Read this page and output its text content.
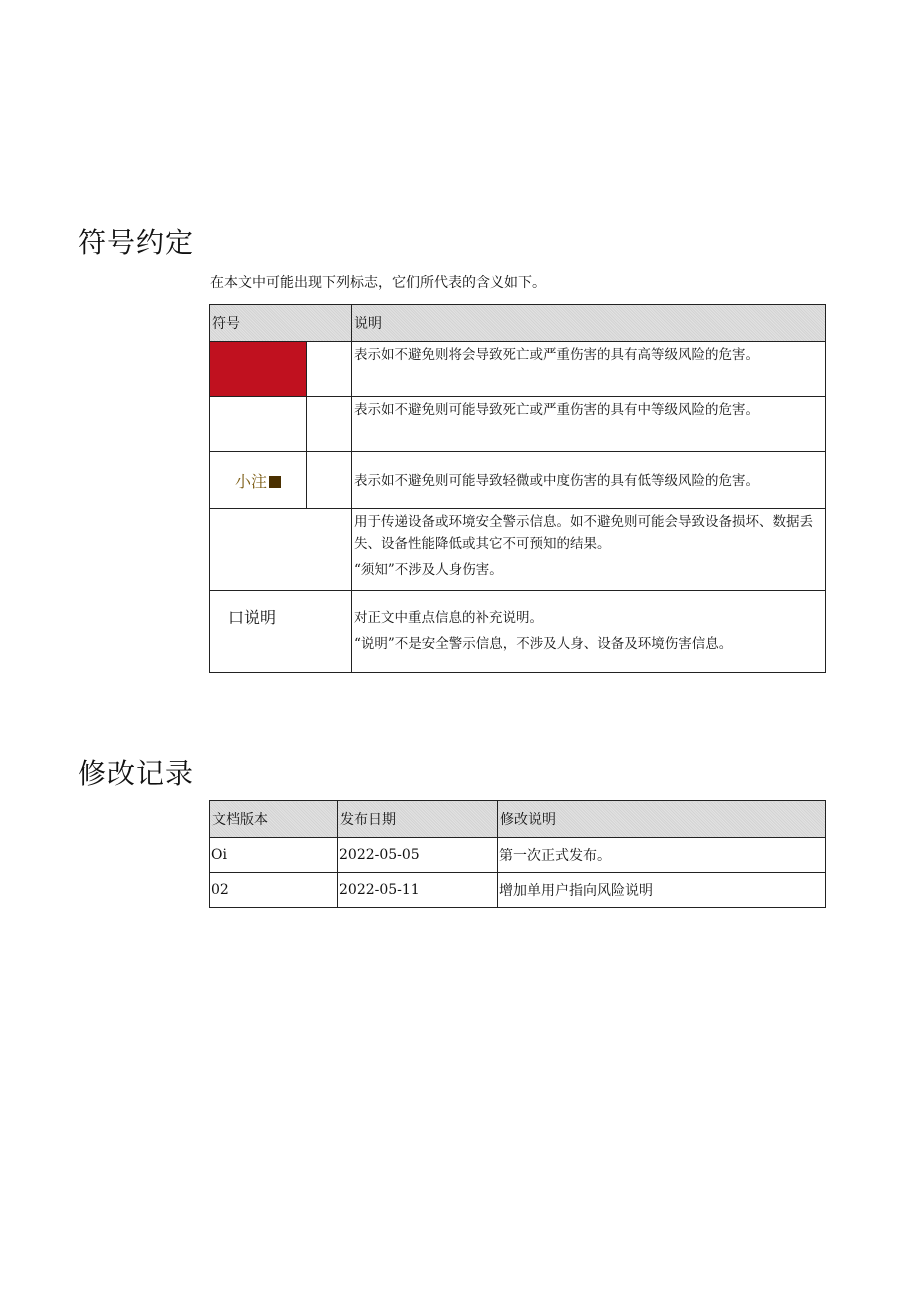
符号约定
在本文中可能出现下列标志，它们所代表的含义如下。
符号		说明

		表示如不避免则将会导致死亡或严重伤害的具有高等级风险的危害。

		表示如不避免则可能导致死亡或严重伤害的具有中等级风险的危害。

小注		表示如不避免则可能导致轻微或中度伤害的具有低等级风险的危害。

		用于传递设备或环境安全警示信息。如不避免则可能会导致设备损坏、数据丢失、设备性能降低或其它不可预知的结果。
“须知”不涉及人身伤害。

口说明		对正文中重点信息的补充说明。
“说明”不是安全警示信息，不涉及人身、设备及环境伤害信息。
修改记录
文档版本	发布日期	修改说明
Oi	2022-05-05	第一次正式发布。
02	2022-05-11	增加单用户指向风险说明
